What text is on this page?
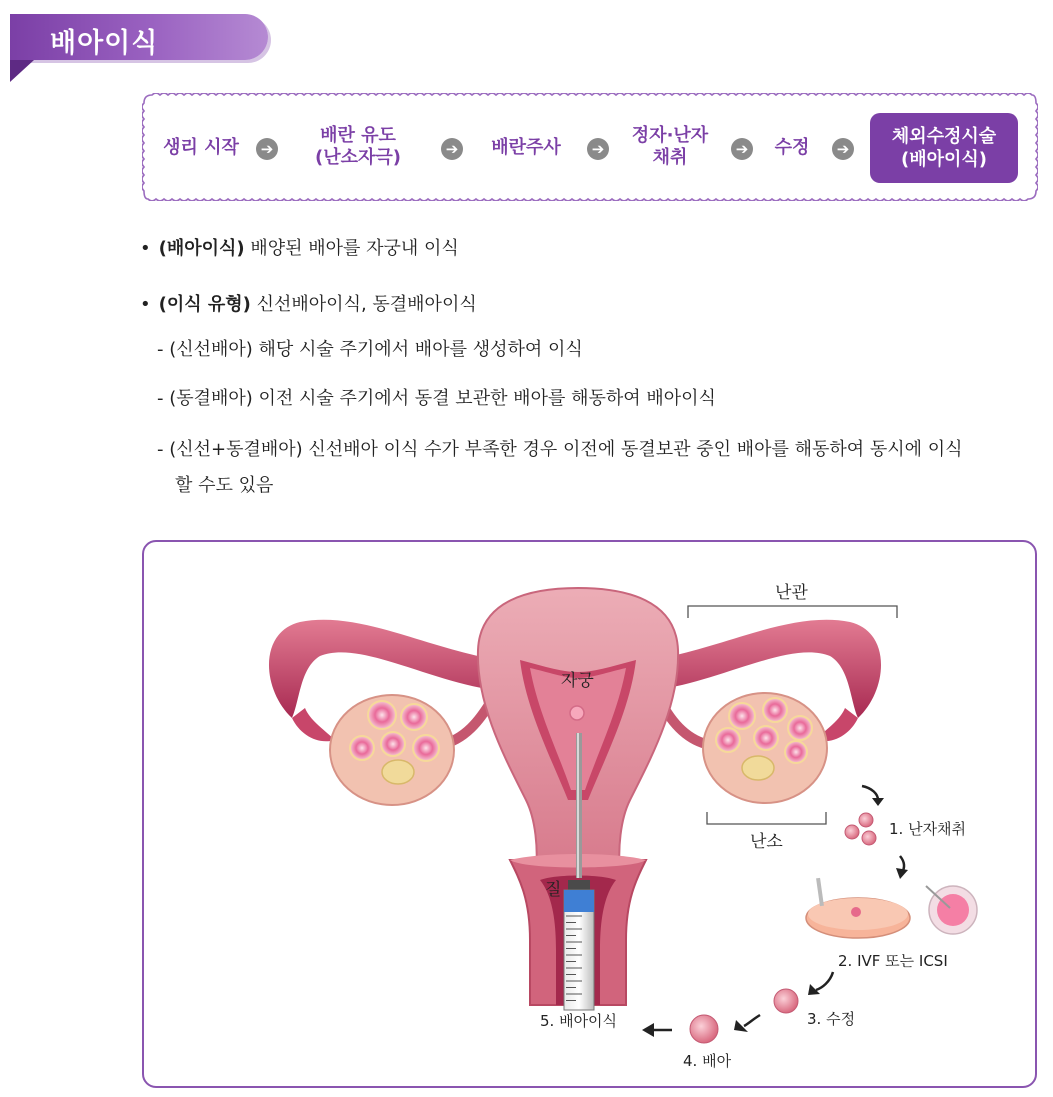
배아이식
생리 시작	➔
배란 유도
(난소자극)	➔	배란주사	➔
정자·난자
채취	➔	수정	➔
체외수정시술
(배아이식)
• (배아이식) 배양된 배아를 자궁내 이식
• (이식 유형) 신선배아이식, 동결배아이식
- (신선배아) 해당 시술 주기에서 배아를 생성하여 이식
- (동결배아) 이전 시술 주기에서 동결 보관한 배아를 해동하여 배아이식
- (신선+동결배아) 신선배아 이식 수가 부족한 경우 이전에 동결보관 중인 배아를 해동하여 동시에 이식
할 수도 있음
난관
자궁
난소
질
1. 난자채취
2. IVF 또는 ICSI
3. 수정
4. 배아
5. 배아이식
